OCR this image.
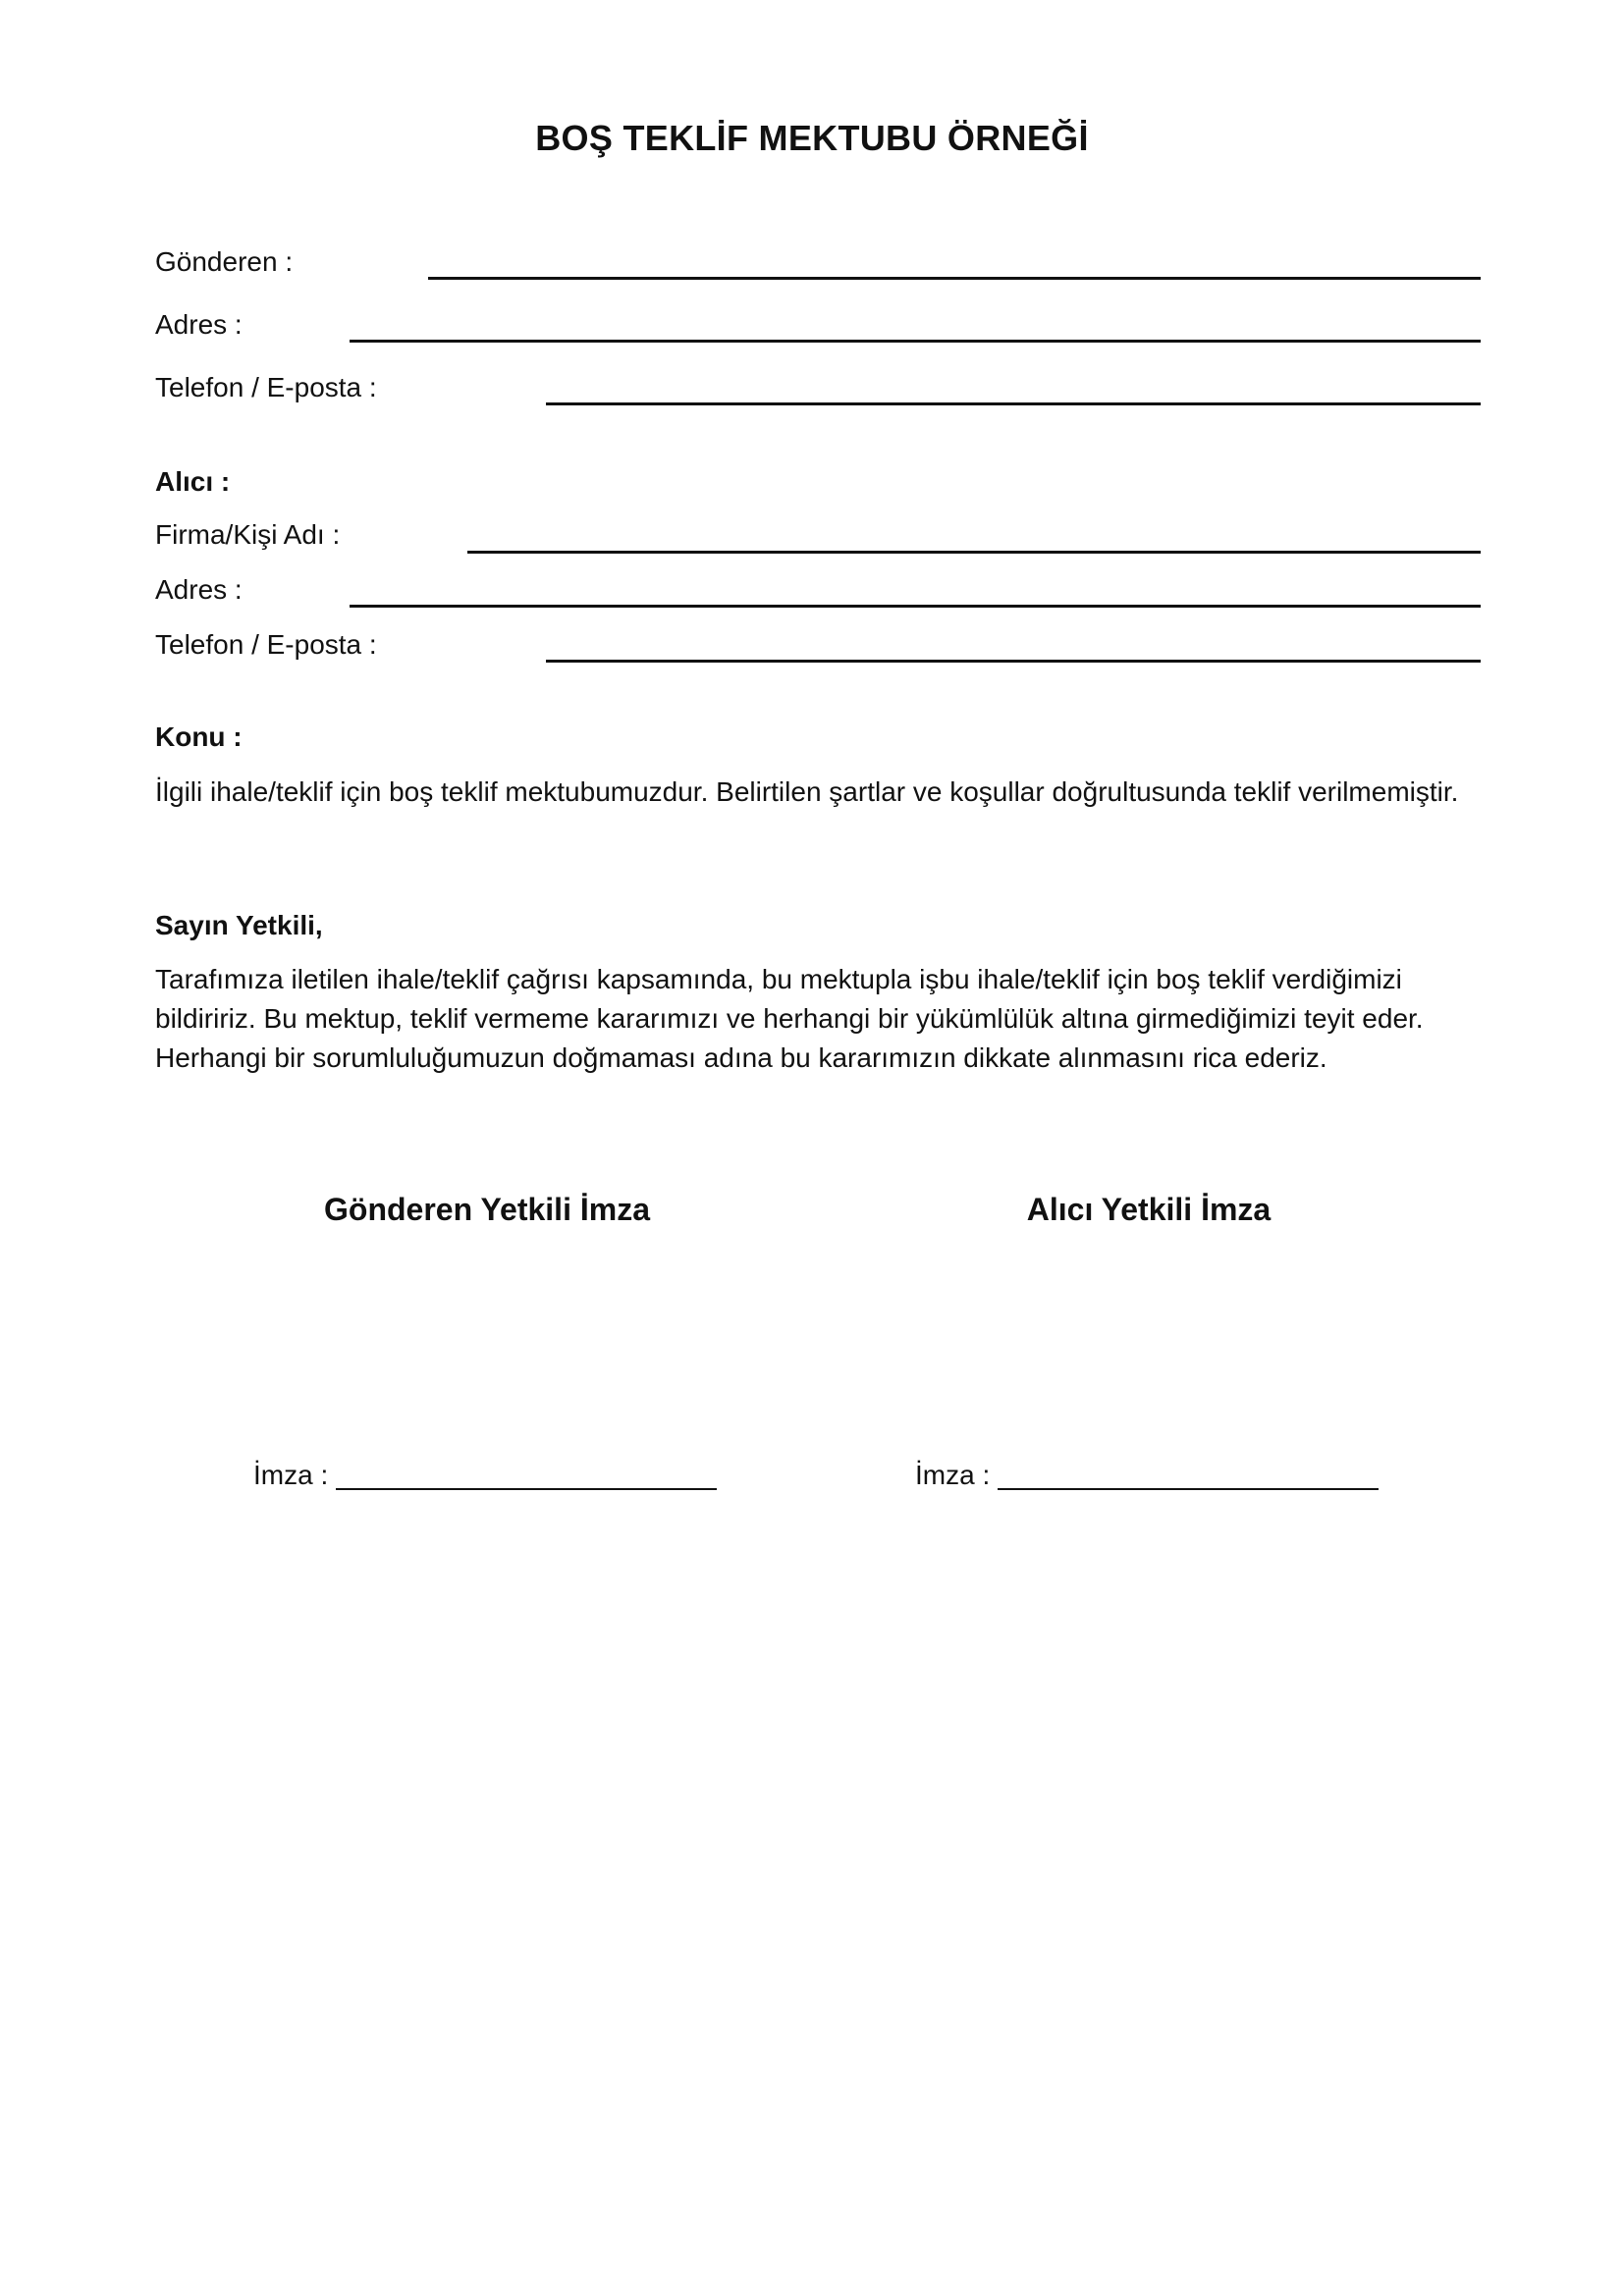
BOŞ TEKLİF MEKTUBU ÖRNEĞİ
Gönderen :
Adres :
Telefon / E-posta :
Alıcı :
Firma/Kişi Adı :
Adres :
Telefon / E-posta :
Konu :
İlgili ihale/teklif için boş teklif mektubumuzdur. Belirtilen şartlar ve koşullar doğrultusunda teklif verilmemiştir.
Sayın Yetkili,
Tarafımıza iletilen ihale/teklif çağrısı kapsamında, bu mektupla işbu ihale/teklif için boş teklif verdiğimizi
bildiririz. Bu mektup, teklif vermeme kararımızı ve herhangi bir yükümlülük altına girmediğimizi teyit eder.
Herhangi bir sorumluluğumuzun doğmaması adına bu kararımızın dikkate alınmasını rica ederiz.
Gönderen Yetkili İmza	Alıcı Yetkili İmza
İmza :	İmza :
